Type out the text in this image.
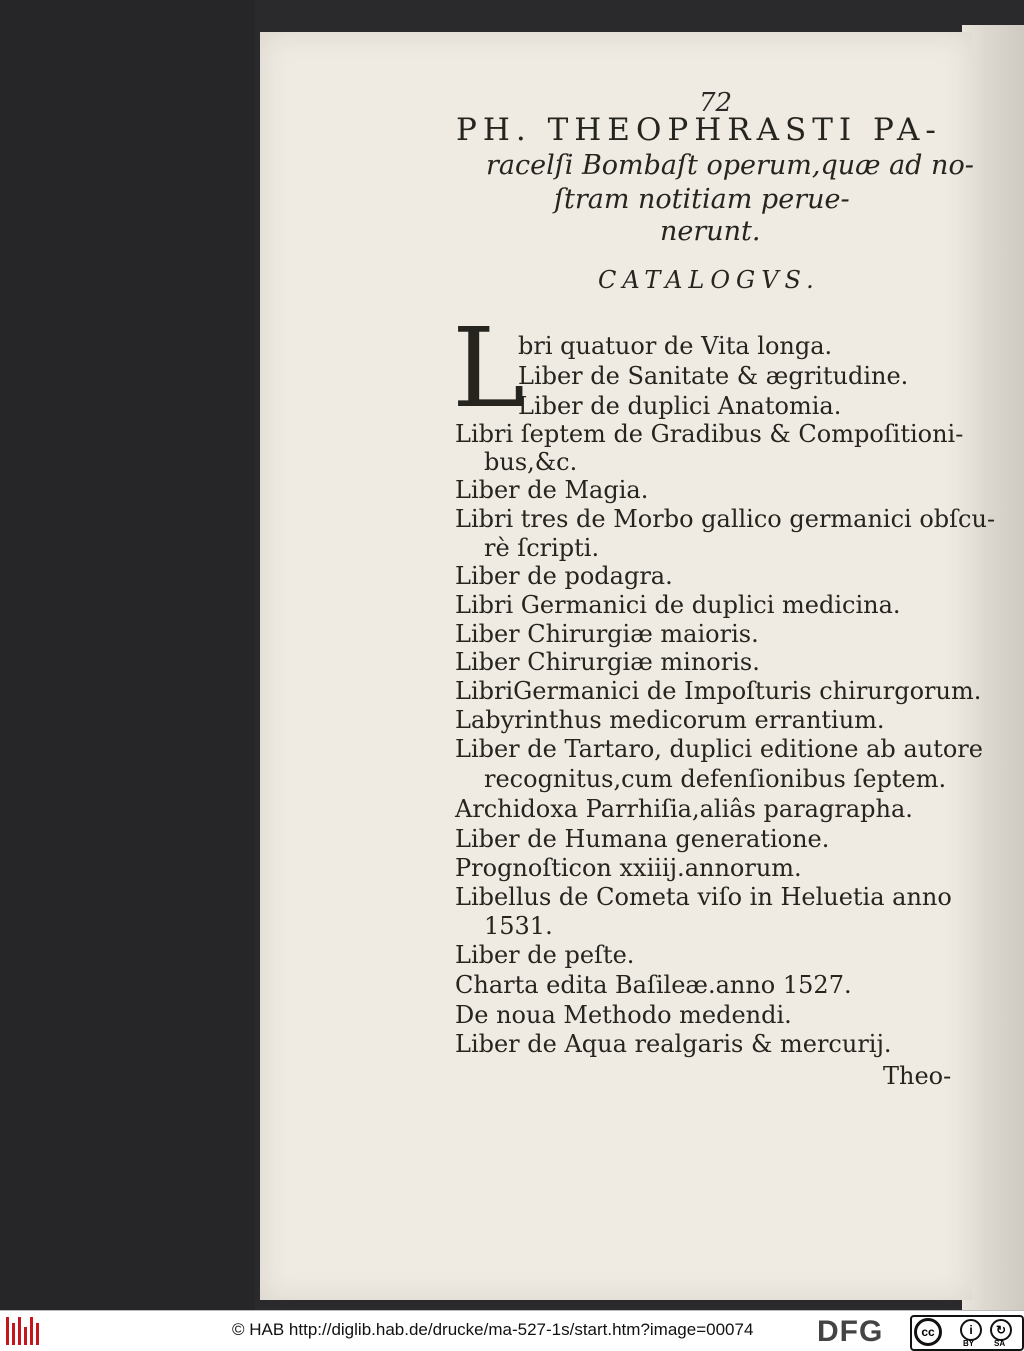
72
PH. THEOPHRASTI PA-
racelſi Bombaſt operum,quæ ad no-
ſtram notitiam perue-
nerunt.
CATALOGVS.
L
bri quatuor de Vita longa.
Liber de Sanitate & ægritudine.
Liber de duplici Anatomia.
Libri ſeptem de Gradibus & Compoſitioni-
bus,&c.
Liber de Magia.
Libri tres de Morbo gallico germanici obſcu-
rè ſcripti.
Liber de podagra.
Libri Germanici de duplici medicina.
Liber Chirurgiæ maioris.
Liber Chirurgiæ minoris.
LibriGermanici de Impoſturis chirurgorum.
Labyrinthus medicorum errantium.
Liber de Tartaro, duplici editione ab autore
recognitus,cum defenſionibus ſeptem.
Archidoxa Parrhiſia,aliâs paragrapha.
Liber de Humana generatione.
Prognoſticon xxiiij.annorum.
Libellus de Cometa viſo in Heluetia anno
1531.
Liber de peſte.
Charta edita Baſileæ.anno 1527.
De noua Methodo medendi.
Liber de Aqua realgaris & mercurij.
Theo-
© HAB http://diglib.hab.de/drucke/ma-527-1s/start.htm?image=00074 DFG	cc	i
BY
↻
SA
